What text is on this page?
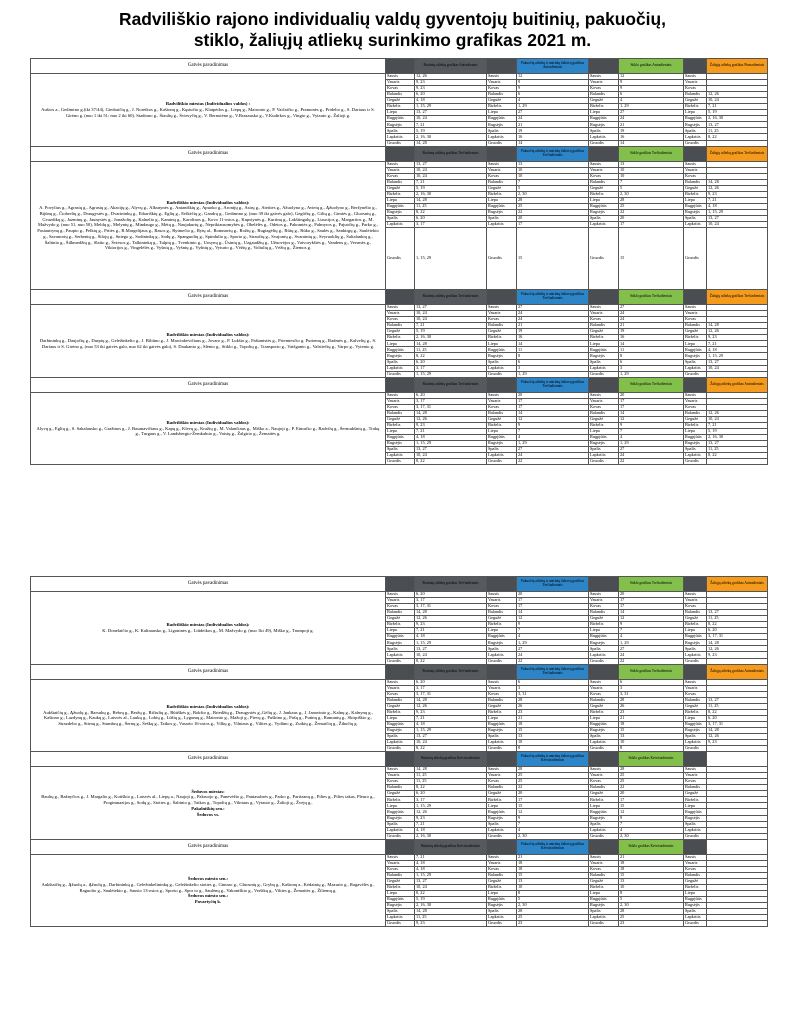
Radviliškio rajono individualių valdų gyventojų buitinių, pakuočių,
stiklo, žaliųjų atliekų surinkimo grafikas 2021 m.
Gatvės pavadinimas		Buitinių atliekų grafikas Antradienais		Pakuočių atliekų ir antrinių žaliavų grafikas Antradieniais		Stiklo grafikas Antradieniais		Žaliųjų atliekų grafikas Pirmadieniais

Radviliškio miestas (Individualios valdos) :
Aušros a., Gedimino g.(iki 37/44), Giedraičių g., J. Noreikos g., Kaštonų g., Kęstučio g., Klaipėdos g., Liepų g., Maironio g., P. Vaičaičio g., Pramonės g., Pridelio g., S. Dariaus ir S. Girėno g. (nuo 1 iki 51; nuo 2 iki 60), Stadiono g., Šiaulių g., Šviesyčių g., V. Bernotėno g., V.Brazausko g., V.Kudirkos g., Vingio g., Vytauto g., Žalioji g.	Sausis	12, 26	Sausis	12	Sausis	12	Sausis	
	Vasaris	9, 23	Vasaris	9	Vasaris	9	Vasaris	
	Kovas	9, 23	Kovas	9	Kovas	9	Kovas	
	Balandis	6, 20	Balandis	6	Balandis	6	Balandis	12, 26
	Gegužė	4, 18	Gegužė	4	Gegužė	4	Gegužė	10, 24
	Birželis	1, 15, 29	Birželis	1, 29	Birželis	1, 29	Birželis	7, 21
	Liepa	13, 27	Liepa	27	Liepa	27	Liepa	5, 19
	Rugpjūtis	10, 24	Rugpjūtis	24	Rugpjūtis	24	Rugpjūtis	2, 16, 30
	Rugsėjis	7, 21	Rugsėjis	21	Rugsėjis	21	Rugsėjis	13, 27
	Spalis	5, 19	Spalis	19	Spalis	19	Spalis	11, 25
	Lapkritis	2, 16, 30	Lapkritis	16	Lapkritis	16	Lapkritis	8, 22
	Gruodis	14, 28	Gruodis	14	Gruodis	14	Gruodis	
Gatvės pavadinimas		Buitinių atliekų grafikas Trečiadieniais		Pakuočių atliekų ir antrinių žaliavų grafikas Trečiadieniais		Stiklo grafikas Trečiadieniais		Žaliųjų atliekų grafikas Trečiadieniais

Radviliškio miestas (Individualios valdos):
A. Povylius g., Agrastų g., Agrastų g., Akacijų g., Alyvų g., Alksnynės g., Antaniškių g., Apuoko g., Aronijų g., Astrų g., Ateities g., Ažuolyno g., Avietų g., Ąžuolyno g., Beržynėlio g., Bijūnų g., Čiobrelių g., Draugystės g., Dvarininkų g., Eibariškių g., Eglių g., Erškėčių g., Gandrų g., Gedimino g. (nuo 39 iki gatvės galo), Gegūčių g., Gilių g., Gimtės g., Gluosnių g., Gvazdikų g., Jazminų g., Jaunystės g., Jonažolių g., Kalnelio g., Kaminų g., Karolinos g., Kovo 11-osios g., Kupstynės g., Kurtinų g., Lakštingalų g., Liaucijos g., Margaritos g., M. Mažvydo g. (nuo 51, nuo 50), Meldų g., Melynių g., Mindaugo g., Mėtų g., Naujakurių g., Neprikiausomybės g., Obelėlės g., Odetos g., Pakrantės g., Palmyros g., Pajuočių g., Parko g., Pasiautrynų g., Paupio g., Pelkių g., Pritės g., R.Margelijaus g., Rasos g., Rytmečio g., Rytų al., Romnavių g., Rožių g., Rugiagėlių g., Rūtų g., Rūko g., Saulės g., Sankirgų g., Saulėtekio g., Savanorių g., Serbentų g., Šilojų g., Sniego g., Sodininkų g., Sodų g., Spanguolių g., Spindulio g., Sporto g., Straučių g., Svajonių g., Svarainių g., Svyruoklių g., Šaltalankių g., Šaltinio g., Šilkmedžių g., Slaito g., Šviesos g., Talkininkų g., Tulpių g., Tvenkinio g., Uosynų g., Ūsinių g., Uzgaudžių g., Užuovėjos g., Vaivorykštės g., Vandens g., Versmės g., Viktorijos g., Vingelėlės g., Vyšnių g., Vyšnių g., Vyšnių g., Vyturio g., Vėžių g., Voltulių g., Vėžių g., Žiemos g.	Sausis	13, 27	Sausis	13	Sausis	13	Sausis	
	Vasaris	10, 24	Vasaris	10	Vasaris	10	Vasaris	
	Kovas	10, 24	Kovas	10	Kovas	10	Kovas	
	Balandis	7, 21	Balandis	7	Balandis	7	Balandis	14, 28
	Gegužė	5, 19	Gegužė	5	Gegužė	5	Gegužė	12, 26
	Birželis	2, 16, 30	Birželis	2, 30	Birželis	2, 30	Birželis	9, 23
	Liepa	14, 28	Liepa	28	Liepa	28	Liepa	7, 21
	Rugpjūtis	11, 25	Rugpjūtis	25	Rugpjūtis	25	Rugpjūtis	4, 18
	Rugsėjis	8, 22	Rugsėjis	22	Rugsėjis	22	Rugsėjis	1, 15, 29
	Spalis	6, 20	Spalis	20	Spalis	20	Spalis	13, 27
	Lapkritis	3, 17	Lapkritis	17	Lapkritis	17	Lapkritis	10, 24
	Gruodis	1, 15, 29	Gruodis	15	Gruodis	15	Gruodis	
Gatvės pavadinimas		Buitinių atliekų grafikas Trečiadieniais		Pakuočių atliekų ir antrinių žaliavų grafikas Trečiadieniais		Stiklo grafikas Trečiadieniais		Žaliųjų atliekų grafikas Trečiadieniais

Radviliškio miestas (Individualios valdos):
Darbininkų g., Daujočių g., Durpių g., Geležinkelio g., J. Biliūno g., J. Marcinkevičiaus g., Jovaro g., P. Lukšio g., Paštanistės g., Priemiesčio g. Puriemų g., Radmės g., Kalvelių g., S. Dariaus ir S. Girėno g. (nuo 53 iki gatvės galo, nuo 62 iki gatvės galo), S. Daukanto g., Slėnio g., Stiklo g., Topolių g., Transporto g., Vaižganto g., Valstiečių g., Varpo g., Vytenio g.	Sausis	13, 27	Sausis	27	Sausis	27	Sausis	
	Vasaris	10, 24	Vasaris	24	Vasaris	24	Vasaris	
	Kovas	10, 24	Kovas	24	Kovas	24	Kovas	
	Balandis	7, 21	Balandis	21	Balandis	21	Balandis	14, 28
	Gegužė	5, 19	Gegužė	19	Gegužė	19	Gegužė	12, 26
	Birželis	2, 16, 30	Birželis	16	Birželis	16	Birželis	9, 23
	Liepa	14, 28	Liepa	14	Liepa	14	Liepa	7, 21
	Rugpjūtis	11, 25	Rugpjūtis	11	Rugpjūtis	11	Rugpjūtis	4, 18
	Rugsėjis	8, 22	Rugsėjis	8	Rugsėjis	8	Rugsėjis	1, 15, 29
	Spalis	6, 20	Spalis	6	Spalis	6	Spalis	13, 27
	Lapkritis	3, 17	Lapkritis	3	Lapkritis	3	Lapkritis	10, 24
	Gruodis	1, 15, 29	Gruodis	1, 29	Gruodis	1, 29	Gruodis	
Gatvės pavadinimas		Buitinių atliekų grafikas Trečiadieniais		Pakuočių atliekų ir antrinių žaliavų grafikas Trečiadieniais		Stiklo grafikas Trečiadieniais		Žaliųjų atliekų grafikas Antradieniais

Radviliškio miestas (Individualios valdos):
Alyvų g., Eglių g., S. Sakalausko g., Gražinos g., J. Basanavičiaus g., Kapų g., Klevų g., Kražių g., M. Valančiaus g., Miško a., Naujoji g., P. Eimučio g., Radvilų g., Šermukšnių g., Trakų g., Turgaus g., V. Landsbergio-Žemkalnio g., Vaisių g., Žalgirio g., Žemaitės g.	Sausis	6, 20	Sausis	20	Sausis	20	Sausis	
	Vasaris	3, 17	Vasaris	17	Vasaris	17	Vasaris	
	Kovas	3, 17, 31	Kovas	17	Kovas	17	Kovas	
	Balandis	14, 28	Balandis	14	Balandis	14	Balandis	12, 26
	Gegužė	12, 26	Gegužė	12	Gegužė	12	Gegužė	10, 24
	Birželis	9, 23	Birželis	9	Birželis	9	Birželis	7, 21
	Liepa	7, 21	Liepa	7	Liepa	7	Liepa	5, 19
	Rugpjūtis	4, 18	Rugpjūtis	4	Rugpjūtis	4	Rugpjūtis	2, 16, 30
	Rugsėjis	1, 15, 29	Rugsėjis	1, 29	Rugsėjis	1, 29	Rugsėjis	13, 27
	Spalis	13, 27	Spalis	27	Spalis	27	Spalis	11, 25
	Lapkritis	10, 24	Lapkritis	24	Lapkritis	24	Lapkritis	8, 22
	Gruodis	8, 22	Gruodis	22	Gruodis	22	Gruodis	
Gatvės pavadinimas		Buitinių atliekų grafikas Trečiadieniais		Pakuočių atliekų ir antrinių žaliavų grafikas Trečiadieniais		Stiklo grafikas Trečiadieniais		Žaliųjų atliekų grafikas Antradieniais

Radviliškio miestas (Individualios valdos):
K. Donelaičio g., K. Kalinausko g., Ligoninės g., Liūdeikos g., M. Mažvydo g. (nuo 1ki 49), Miško g., Trumpoji g.	Sausis	6, 20	Sausis	20	Sausis	20	Sausis	
	Vasaris	3, 17	Vasaris	17	Vasaris	17	Vasaris	
	Kovas	3, 17, 31	Kovas	17	Kovas	17	Kovas	
	Balandis	14, 28	Balandis	14	Balandis	14	Balandis	13, 27
	Gegužė	12, 26	Gegužė	12	Gegužė	12	Gegužė	11, 25
	Birželis	9, 23	Birželis	9	Birželis	9	Birželis	8, 22
	Liepa	7, 21	Liepa	7	Liepa	7	Liepa	6, 20
	Rugpjūtis	4, 18	Rugpjūtis	4	Rugpjūtis	4	Rugpjūtis	3, 17, 31
	Rugsėjis	1, 15, 29	Rugsėjis	1, 29	Rugsėjis	1, 29	Rugsėjis	14, 28
	Spalis	13, 27	Spalis	27	Spalis	27	Spalis	12, 26
	Lapkritis	10, 24	Lapkritis	24	Lapkritis	24	Lapkritis	9, 23
	Gruodis	8, 22	Gruodis	22	Gruodis	22	Gruodis	
Gatvės pavadinimas		Buitinių atliekų grafikas Trečiadieniais		Pakuočių atliekų ir antrinių žaliavų grafikas Trečiadieniais		Stiklo grafikas Trečiadieniais		Žaliųjų atliekų grafikas Antradieniais

Radviliškio miestas (Individualios valdos):
Aukštaičių g., Ąžuolų g., Barsukų g., Bebrų g., Beržų g., Bičiulių g., Būtiškės g., Bokšto g., Briedžių g., Draugystės g.,Gėlių g., J. Jankaus g., J. Janavinio g., Kalnų g., Kalnynų g., Kaštono g., Lazdynų g., Kaukų g., Laisvės al., Laukų g., Lokių g., Lūšių g., Lygumų g., Maironio g., Mažoji g., Pievų g., Puškino g., Pušų g., Putinų g., Ramunių g., Skirpiškio g., Strazdelio g., Stirnų g., Stumbrų g., Šernų g., Šeškų g., Taikos g., Vasario 16-osios g., Vilkų g., Vilniaus g., Vilties g., Vydūno g., Zuikių g., Žemaičių g., Žibučių g.	Sausis	6, 20	Sausis	6	Sausis	6	Sausis	
	Vasaris	3, 17	Vasaris	3	Vasaris	3	Vasaris	
	Kovas	3, 17, 31	Kovas	3, 31	Kovas	3, 31	Kovas	
	Balandis	14, 28	Balandis	28	Balandis	28	Balandis	13, 27
	Gegužė	12, 26	Gegužė	26	Gegužė	26	Gegužė	11, 25
	Birželis	9, 23	Birželis	23	Birželis	23	Birželis	8, 22
	Liepa	7, 21	Liepa	21	Liepa	21	Liepa	6, 20
	Rugpjūtis	4, 18	Rugpjūtis	18	Rugpjūtis	18	Rugpjūtis	3, 17, 31
	Rugsėjis	1, 15, 29	Rugsėjis	15	Rugsėjis	15	Rugsėjis	14, 28
	Spalis	13, 27	Spalis	13	Spalis	13	Spalis	12, 26
	Lapkritis	10, 24	Lapkritis	10	Lapkritis	10	Lapkritis	9, 23
	Gruodis	8, 22	Gruodis	8	Gruodis	8	Gruodis	
Gatvės pavadinimas		Buitinių atliekų grafikas Ketvirtadieniais		Pakuočių atliekų ir antrinių žaliavų grafikas Ketvirtadieniais		Stiklo grafikas Ketvirtadieniais		

Šeduvos miestas:
Baulių g., Bažnyčios g., J. Margalio g., Kotiškio g., Laisvės al., Liepų a., Naujoji g., Pakruojo g., Panevėžio g., Paniasubrės g., Parko g., Partizanų g., Pilies g., Pilies takas, Pleuro g., Progimnazijos g., Sodų g., Stoties g., Šaltinio g., Taikos g., Topolių g., Vilniaus g., Vytauto g., Žalioji g., Žvejų g.,
Pakalniškių sen.:
Šeduvos vs.	Sausis	14, 28	Sausis	28	Sausis	28	Sausis	
	Vasaris	11, 25	Vasaris	25	Vasaris	25	Vasaris	
	Kovas	11, 25	Kovas	25	Kovas	25	Kovas	
	Balandis	8, 22	Balandis	22	Balandis	22	Balandis	
	Gegužė	6, 20	Gegužė	20	Gegužė	20	Gegužė	
	Birželis	3, 17	Birželis	17	Birželis	17	Birželis	
	Liepa	1, 15, 29	Liepa	15	Liepa	15	Liepa	
	Rugpjūtis	12, 26	Rugpjūtis	12	Rugpjūtis	12	Rugpjūtis	
	Rugsėjis	9, 23	Rugsėjis	9	Rugsėjis	9	Rugsėjis	
	Spalis	7, 21	Spalis	7	Spalis	7	Spalis	
	Lapkritis	4, 18	Lapkritis	4	Lapkritis	4	Lapkritis	
	Gruodis	2, 16, 30	Gruodis	2, 30	Gruodis	2, 30	Gruodis	
Gatvės pavadinimas		Buitinių atliekų grafikas Ketvirtadieniais		Pakuočių atliekų ir antrinių žaliavų grafikas Ketvirtadieniais		Stiklo grafikas Ketvirtadieniais		

Šeduvos miesto sen.:
Aukštaičių g., Ąžuolų a., Ąžuolų g., Darbininkų g., Geležinkelininkų g., Geležinkelio stoties g., Gintaro g., Gluosnių g., Grybų g., Kaštonų a., Kėdainių g., Mazurio g., Ragavėlės g., Raguolio g., Saulėtekio g., Sausio 13-osios g., Sporto g., Spor to g., Saulėnų g., Vakoniškio g., Veršikų g., Vilties g., Žemaitės g., Žiliemų g.
Šeduvos miesto sen.:
Pavartyčių k.	Sausis	7, 21	Sausis	21	Sausis	21	Sausis	
	Vasaris	4, 18	Vasaris	18	Vasaris	18	Vasaris	
	Kovas	4, 18	Kovas	18	Kovas	18	Kovas	
	Balandis	1, 15, 29	Balandis	15	Balandis	15	Balandis	
	Gegužė	13, 27	Gegužė	13	Gegužė	13	Gegužė	
	Birželis	10, 24	Birželis	10	Birželis	10	Birželis	
	Liepa	8, 22	Liepa	8	Liepa	8	Liepa	
	Rugpjūtis	5, 19	Rugpjūtis	5	Rugpjūtis	5	Rugpjūtis	
	Rugsėjis	2, 16, 30	Rugsėjis	2, 30	Rugsėjis	2, 30	Rugsėjis	
	Spalis	14, 28	Spalis	28	Spalis	28	Spalis	
	Lapkritis	11, 25	Lapkritis	25	Lapkritis	25	Lapkritis	
	Gruodis	9, 23	Gruodis	23	Gruodis	23	Gruodis	
